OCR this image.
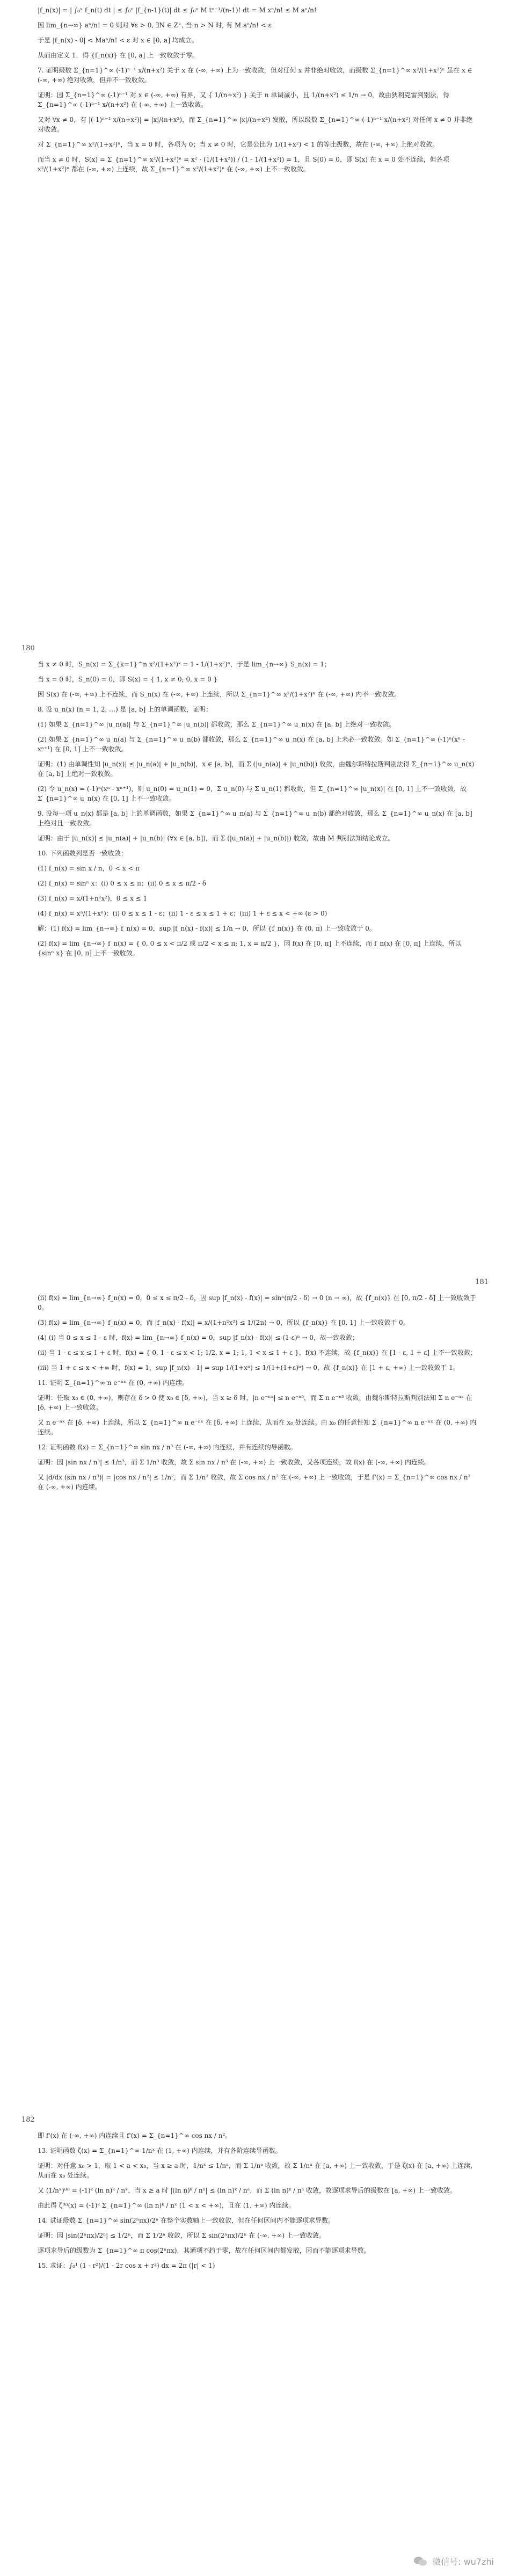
|f_n(x)| = | ∫₀ˣ f_n(t) dt | ≤ ∫₀ˣ |f_{n-1}(t)| dt ≤ ∫₀ˣ M tⁿ⁻¹/(n-1)! dt = M xⁿ/n! ≤ M aⁿ/n!

因 lim_{n→∞} aⁿ/n! = 0 则对 ∀ε > 0, ∃N ∈ Z⁺, 当 n > N 时, 有 M aⁿ/n! < ε

于是 |f_n(x) - 0| < Maⁿ/n! < ε 对 x ∈ [0, a] 均成立。

从而由定义 1，得 {f_n(x)} 在 [0, a] 上一致收敛于零。

7. 证明级数 Σ_{n=1}^∞ (-1)ⁿ⁻¹ x/(n+x²) 关于 x 在 (-∞, +∞) 上为一致收敛，但对任何 x 并非绝对收敛，而级数 Σ_{n=1}^∞ x²/(1+x²)ⁿ 虽在 x ∈ (-∞, +∞) 绝对收敛，但并不一致收敛。

证明：因 Σ_{n=1}^∞ (-1)ⁿ⁻¹ 对 x ∈ (-∞, +∞) 有界，又 { 1/(n+x²) } 关于 n 单调减小，且 1/(n+x²) ≤ 1/n → 0，故由狄利克雷判别法，得 Σ_{n=1}^∞ (-1)ⁿ⁻¹ x/(n+x²) 在 (-∞, +∞) 上一致收敛。

又对 ∀x ≠ 0，有 |(-1)ⁿ⁻¹ x/(n+x²)| = |x|/(n+x²)，而 Σ_{n=1}^∞ |x|/(n+x²) 发散，所以级数 Σ_{n=1}^∞ (-1)ⁿ⁻¹ x/(n+x²) 对任何 x ≠ 0 并非绝对收敛。

对 Σ_{n=1}^∞ x²/(1+x²)ⁿ，当 x = 0 时，各项为 0；当 x ≠ 0 时，它是公比为 1/(1+x²) < 1 的等比级数，故在 (-∞, +∞) 上绝对收敛。

而当 x ≠ 0 时，S(x) = Σ_{n=1}^∞ x²/(1+x²)ⁿ = x² · (1/(1+x²)) / (1 - 1/(1+x²)) = 1，且 S(0) = 0，即 S(x) 在 x = 0 处不连续，但各项 x²/(1+x²)ⁿ 都在 (-∞, +∞) 上连续，故 Σ_{n=1}^∞ x²/(1+x²)ⁿ 在 (-∞, +∞) 上不一致收敛。

180

当 x ≠ 0 时，S_n(x) = Σ_{k=1}^n x²/(1+x²)ᵏ = 1 - 1/(1+x²)ⁿ，于是 lim_{n→∞} S_n(x) = 1；

当 x = 0 时，S_n(0) = 0，即 S(x) = { 1, x ≠ 0; 0, x = 0 }

因 S(x) 在 (-∞, +∞) 上不连续，而 S_n(x) 在 (-∞, +∞) 上连续，所以 Σ_{n=1}^∞ x²/(1+x²)ⁿ 在 (-∞, +∞) 内不一致收敛。

8. 设 u_n(x) (n = 1, 2, …) 是 [a, b] 上的单调函数，证明：

(1) 如果 Σ_{n=1}^∞ |u_n(a)| 与 Σ_{n=1}^∞ |u_n(b)| 都收敛，那么 Σ_{n=1}^∞ u_n(x) 在 [a, b] 上绝对一致收敛。

(2) 如果 Σ_{n=1}^∞ u_n(a) 与 Σ_{n=1}^∞ u_n(b) 都收敛，那么 Σ_{n=1}^∞ u_n(x) 在 [a, b] 上未必一致收敛。如 Σ_{n=1}^∞ (-1)ⁿ(xⁿ - xⁿ⁺¹) 在 [0, 1] 上不一致收敛。

证明：(1) 由单调性知 |u_n(x)| ≤ |u_n(a)| + |u_n(b)|，x ∈ [a, b]，而 Σ (|u_n(a)| + |u_n(b)|) 收敛，由魏尔斯特拉斯判别法得 Σ_{n=1}^∞ u_n(x) 在 [a, b] 上绝对一致收敛。

(2) 令 u_n(x) = (-1)ⁿ(xⁿ - xⁿ⁺¹)，则 u_n(0) = u_n(1) = 0，Σ u_n(0) 与 Σ u_n(1) 都收敛，但 Σ_{n=1}^∞ |u_n(x)| 在 [0, 1] 上不一致收敛，故 Σ_{n=1}^∞ u_n(x) 在 [0, 1] 上不一致收敛。

9. 设每一项 u_n(x) 都是 [a, b] 上的单调函数，如果 Σ_{n=1}^∞ u_n(a) 与 Σ_{n=1}^∞ u_n(b) 都绝对收敛，那么 Σ_{n=1}^∞ u_n(x) 在 [a, b] 上绝对且一致收敛。

证明：由于 |u_n(x)| ≤ |u_n(a)| + |u_n(b)| (∀x ∈ [a, b])，而 Σ (|u_n(a)| + |u_n(b)|) 收敛，故由 M 判别法知结论成立。

10. 下列函数列是否一致收敛：

(1) f_n(x) = sin x / n，0 < x < π

(2) f_n(x) = sinⁿ x：(i) 0 ≤ x ≤ π；(ii) 0 ≤ x ≤ π/2 - δ

(3) f_n(x) = x/(1+n²x²)，0 ≤ x ≤ 1

(4) f_n(x) = xⁿ/(1+xⁿ)：(i) 0 ≤ x ≤ 1 - ε；(ii) 1 - ε ≤ x ≤ 1 + ε；(iii) 1 + ε ≤ x < +∞ (ε > 0)

解：(1) f(x) = lim_{n→∞} f_n(x) = 0，sup |f_n(x) - f(x)| ≤ 1/n → 0，所以 {f_n(x)} 在 (0, π) 上一致收敛于 0。

(2) f(x) = lim_{n→∞} f_n(x) = { 0, 0 ≤ x < π/2 或 π/2 < x ≤ π; 1, x = π/2 }，因 f(x) 在 [0, π] 上不连续，而 f_n(x) 在 [0, π] 上连续，所以 {sinⁿ x} 在 [0, π] 上不一致收敛。

181

(ii) f(x) = lim_{n→∞} f_n(x) = 0，0 ≤ x ≤ π/2 - δ，因 sup |f_n(x) - f(x)| = sinⁿ(π/2 - δ) → 0 (n → ∞)，故 {f_n(x)} 在 [0, π/2 - δ] 上一致收敛于 0。

(3) f(x) = lim_{n→∞} f_n(x) = 0，而 |f_n(x) - f(x)| = x/(1+n²x²) ≤ 1/(2n) → 0，所以 {f_n(x)} 在 [0, 1] 上一致收敛于 0。

(4) (i) 当 0 ≤ x ≤ 1 - ε 时，f(x) = lim_{n→∞} f_n(x) = 0，sup |f_n(x) - f(x)| ≤ (1-ε)ⁿ → 0，故一致收敛；

(ii) 当 1 - ε ≤ x ≤ 1 + ε 时，f(x) = { 0, 1 - ε ≤ x < 1; 1/2, x = 1; 1, 1 < x ≤ 1 + ε }，f(x) 不连续，故 {f_n(x)} 在 [1 - ε, 1 + ε] 上不一致收敛；

(iii) 当 1 + ε ≤ x < +∞ 时，f(x) = 1，sup |f_n(x) - 1| = sup 1/(1+xⁿ) ≤ 1/(1+(1+ε)ⁿ) → 0，故 {f_n(x)} 在 [1 + ε, +∞) 上一致收敛于 1。

11. 证明 Σ_{n=1}^∞ n e⁻ⁿˣ 在 (0, +∞) 内连续。

证明：任取 x₀ ∈ (0, +∞)，则存在 δ > 0 使 x₀ ∈ [δ, +∞)，当 x ≥ δ 时，|n e⁻ⁿˣ| ≤ n e⁻ⁿᵟ，而 Σ n e⁻ⁿᵟ 收敛，由魏尔斯特拉斯判别法知 Σ n e⁻ⁿˣ 在 [δ, +∞) 上一致收敛。

又 n e⁻ⁿˣ 在 [δ, +∞) 上连续，所以 Σ_{n=1}^∞ n e⁻ⁿˣ 在 [δ, +∞) 上连续，从而在 x₀ 处连续。由 x₀ 的任意性知 Σ_{n=1}^∞ n e⁻ⁿˣ 在 (0, +∞) 内连续。

12. 证明函数 f(x) = Σ_{n=1}^∞ sin nx / n³ 在 (-∞, +∞) 内连续，并有连续的导函数。

证明：因 |sin nx / n³| ≤ 1/n³，而 Σ 1/n³ 收敛，故 Σ sin nx / n³ 在 (-∞, +∞) 上一致收敛，又各项连续，故 f(x) 在 (-∞, +∞) 内连续。

又 |d/dx (sin nx / n³)| = |cos nx / n²| ≤ 1/n²，而 Σ 1/n² 收敛，故 Σ cos nx / n² 在 (-∞, +∞) 上一致收敛，于是 f'(x) = Σ_{n=1}^∞ cos nx / n² 在 (-∞, +∞) 内连续。

182

即 f'(x) 在 (-∞, +∞) 内连续且 f'(x) = Σ_{n=1}^∞ cos nx / n²。

13. 证明函数 ζ(x) = Σ_{n=1}^∞ 1/nˣ 在 (1, +∞) 内连续，并有各阶连续导函数。

证明：对任意 x₀ > 1，取 1 < a < x₀，当 x ≥ a 时，1/nˣ ≤ 1/nᵃ，而 Σ 1/nᵃ 收敛，故 Σ 1/nˣ 在 [a, +∞) 上一致收敛，于是 ζ(x) 在 [a, +∞) 上连续，从而在 x₀ 处连续。

又 (1/nˣ)⁽ᵏ⁾ = (-1)ᵏ (ln n)ᵏ / nˣ，当 x ≥ a 时 |(ln n)ᵏ / nˣ| ≤ (ln n)ᵏ / nᵃ，而 Σ (ln n)ᵏ / nᵃ 收敛，故逐项求导后的级数在 [a, +∞) 上一致收敛。

由此得 ζ⁽ᵏ⁾(x) = (-1)ᵏ Σ_{n=1}^∞ (ln n)ᵏ / nˣ (1 < x < +∞)，且在 (1, +∞) 内连续。

14. 试证级数 Σ_{n=1}^∞ sin(2ⁿπx)/2ⁿ 在整个实数轴上一致收敛，但在任何区间内不能逐项求导数。

证明：因 |sin(2ⁿπx)/2ⁿ| ≤ 1/2ⁿ，而 Σ 1/2ⁿ 收敛，所以 Σ sin(2ⁿπx)/2ⁿ 在 (-∞, +∞) 上一致收敛。

逐项求导后的级数为 Σ_{n=1}^∞ π cos(2ⁿπx)，其通项不趋于零，故在任何区间内都发散，因而不能逐项求导数。

15. 求证：∫₀¹ (1 - r²)/(1 - 2r cos x + r²) dx = 2π (|r| < 1)

微信号: wu7zhi
